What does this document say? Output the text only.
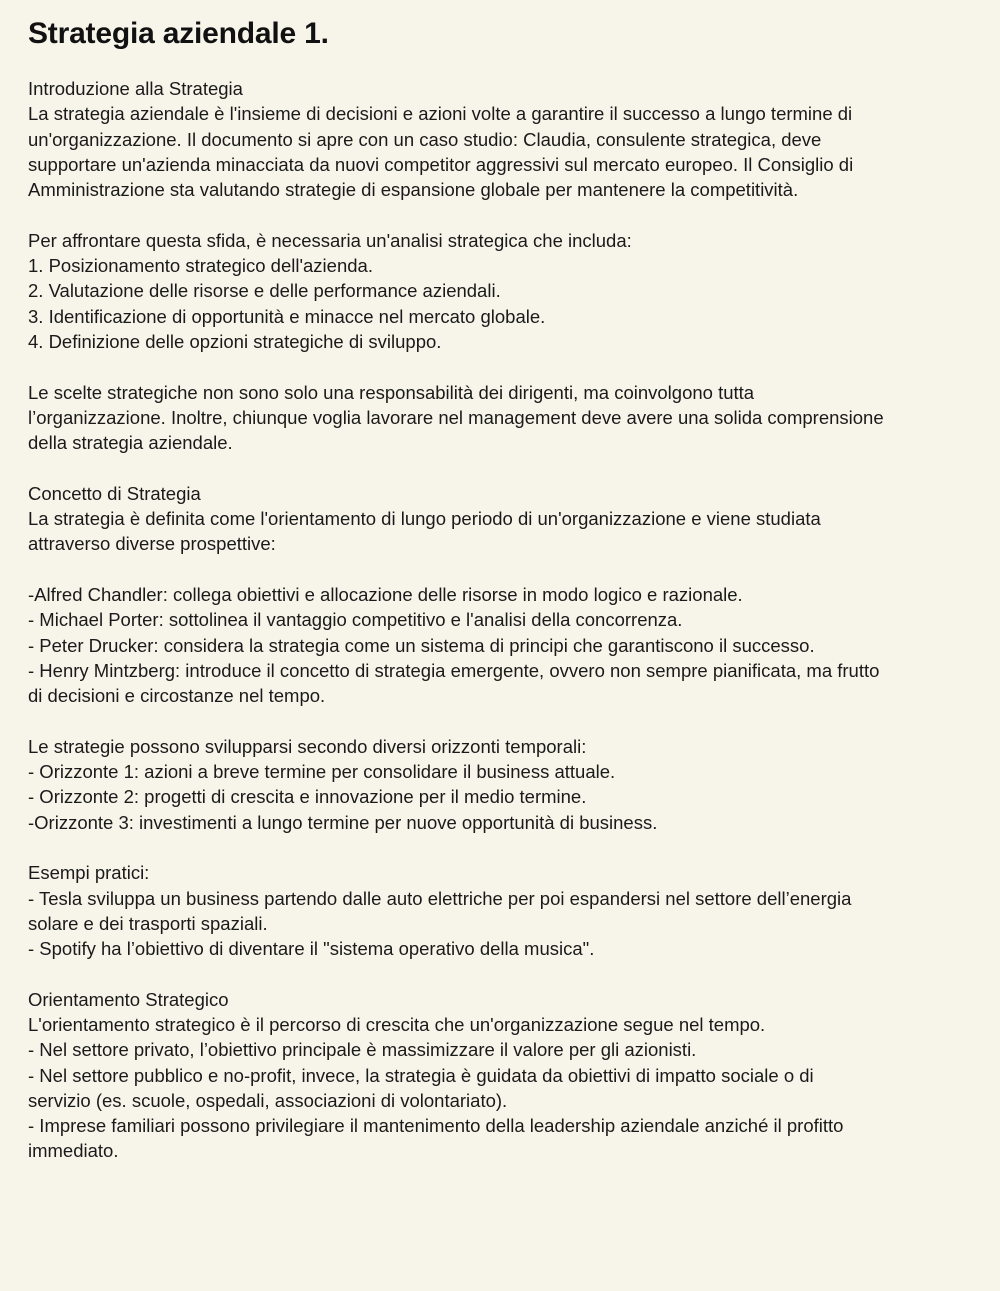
Strategia aziendale 1.
Introduzione alla Strategia
La strategia aziendale è l'insieme di decisioni e azioni volte a garantire il successo a lungo termine di
un'organizzazione. Il documento si apre con un caso studio: Claudia, consulente strategica, deve
supportare un'azienda minacciata da nuovi competitor aggressivi sul mercato europeo. Il Consiglio di
Amministrazione sta valutando strategie di espansione globale per mantenere la competitività.
Per affrontare questa sfida, è necessaria un'analisi strategica che includa:
1. Posizionamento strategico dell'azienda.
2. Valutazione delle risorse e delle performance aziendali.
3. Identificazione di opportunità e minacce nel mercato globale.
4. Definizione delle opzioni strategiche di sviluppo.
Le scelte strategiche non sono solo una responsabilità dei dirigenti, ma coinvolgono tutta
l’organizzazione. Inoltre, chiunque voglia lavorare nel management deve avere una solida comprensione
della strategia aziendale.
Concetto di Strategia
La strategia è definita come l'orientamento di lungo periodo di un'organizzazione e viene studiata
attraverso diverse prospettive:
-Alfred Chandler: collega obiettivi e allocazione delle risorse in modo logico e razionale.
- Michael Porter: sottolinea il vantaggio competitivo e l'analisi della concorrenza.
- Peter Drucker: considera la strategia come un sistema di principi che garantiscono il successo.
- Henry Mintzberg: introduce il concetto di strategia emergente, ovvero non sempre pianificata, ma frutto
di decisioni e circostanze nel tempo.
Le strategie possono svilupparsi secondo diversi orizzonti temporali:
- Orizzonte 1: azioni a breve termine per consolidare il business attuale.
- Orizzonte 2: progetti di crescita e innovazione per il medio termine.
-Orizzonte 3: investimenti a lungo termine per nuove opportunità di business.
Esempi pratici:
- Tesla sviluppa un business partendo dalle auto elettriche per poi espandersi nel settore dell’energia
solare e dei trasporti spaziali.
- Spotify ha l’obiettivo di diventare il "sistema operativo della musica".
Orientamento Strategico
L'orientamento strategico è il percorso di crescita che un'organizzazione segue nel tempo.
- Nel settore privato, l’obiettivo principale è massimizzare il valore per gli azionisti.
- Nel settore pubblico e no-profit, invece, la strategia è guidata da obiettivi di impatto sociale o di
servizio (es. scuole, ospedali, associazioni di volontariato).
- Imprese familiari possono privilegiare il mantenimento della leadership aziendale anziché il profitto
immediato.
